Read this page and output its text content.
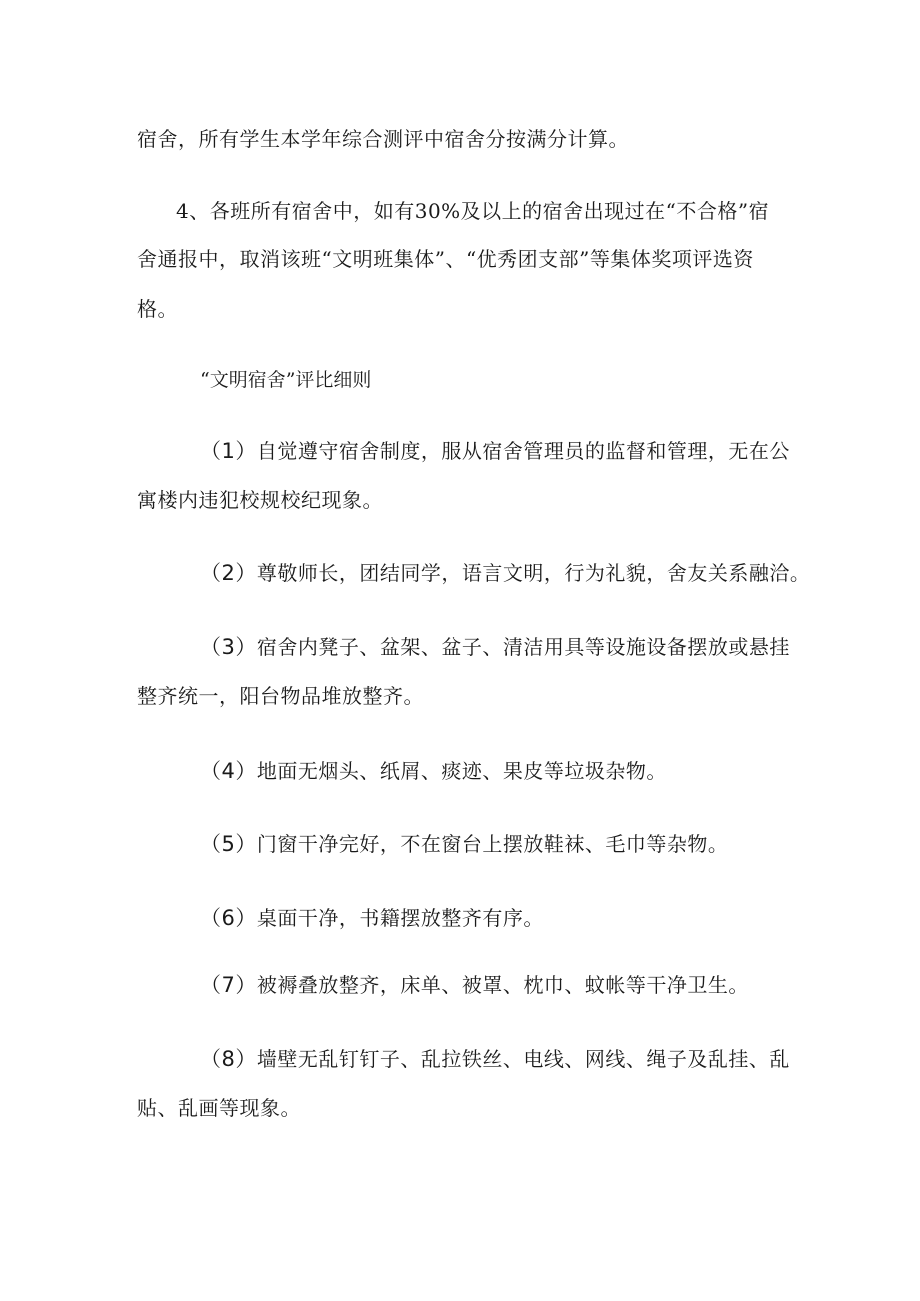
宿舍，所有学生本学年综合测评中宿舍分按满分计算。
4、各班所有宿舍中，如有30%及以上的宿舍出现过在“不合格”宿
舍通报中，取消该班“文明班集体”、“优秀团支部”等集体奖项评选资
格。
“文明宿舍”评比细则
（1）自觉遵守宿舍制度，服从宿舍管理员的监督和管理，无在公
寓楼内违犯校规校纪现象。
（2）尊敬师长，团结同学，语言文明，行为礼貌，舍友关系融洽。
（3）宿舍内凳子、盆架、盆子、清洁用具等设施设备摆放或悬挂
整齐统一，阳台物品堆放整齐。
（4）地面无烟头、纸屑、痰迹、果皮等垃圾杂物。
（5）门窗干净完好，不在窗台上摆放鞋袜、毛巾等杂物。
（6）桌面干净，书籍摆放整齐有序。
（7）被褥叠放整齐，床单、被罩、枕巾、蚊帐等干净卫生。
（8）墙壁无乱钉钉子、乱拉铁丝、电线、网线、绳子及乱挂、乱
贴、乱画等现象。
